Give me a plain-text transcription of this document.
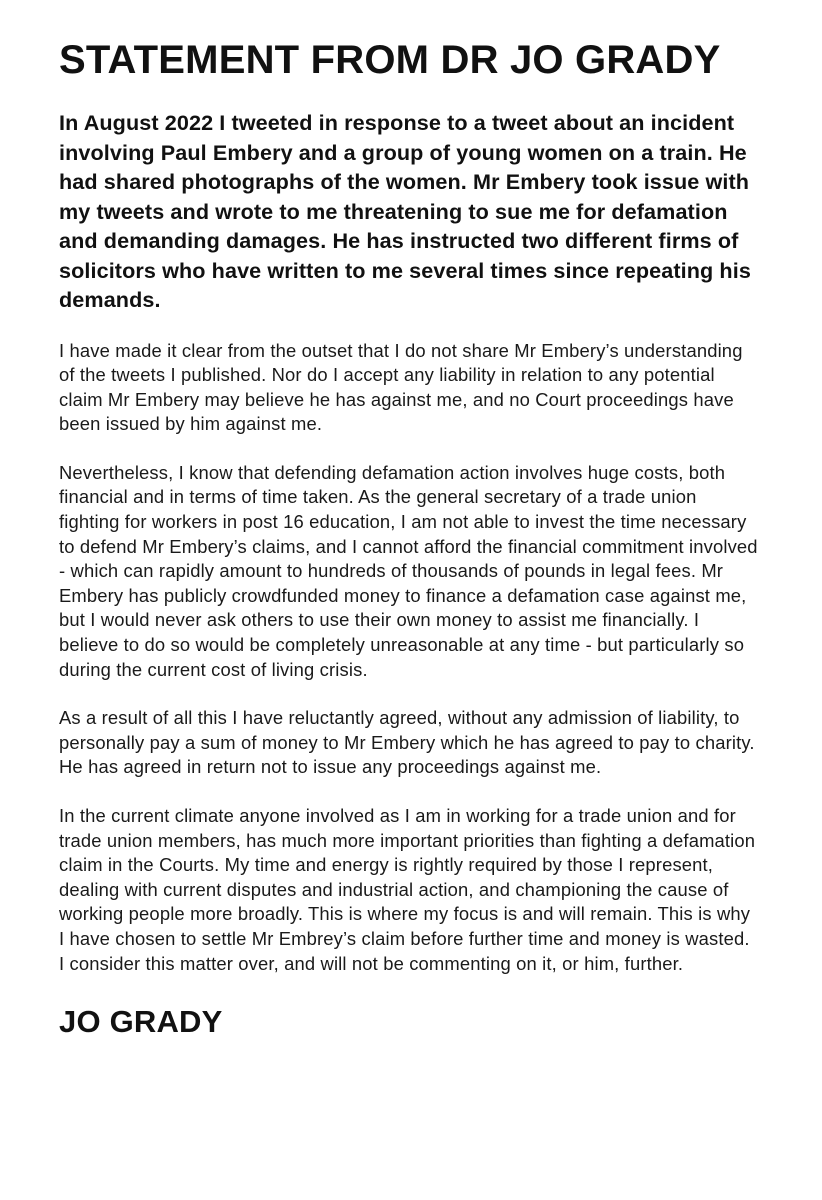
STATEMENT FROM DR JO GRADY

In August 2022 I tweeted in response to a tweet about an incident involving Paul Embery and a group of young women on a train. He had shared photographs of the women. Mr Embery took issue with my tweets and wrote to me threatening to sue me for defamation and demanding damages. He has instructed two different firms of solicitors who have written to me several times since repeating his demands.

I have made it clear from the outset that I do not share Mr Embery’s understanding of the tweets I published. Nor do I accept any liability in relation to any potential claim Mr Embery may believe he has against me, and no Court proceedings have been issued by him against me.

Nevertheless, I know that defending defamation action involves huge costs, both financial and in terms of time taken. As the general secretary of a trade union fighting for workers in post 16 education, I am not able to invest the time necessary to defend Mr Embery’s claims, and I cannot afford the financial commitment involved - which can rapidly amount to hundreds of thousands of pounds in legal fees. Mr Embery has publicly crowdfunded money to finance a defamation case against me, but I would never ask others to use their own money to assist me financially. I believe to do so would be completely unreasonable at any time - but particularly so during the current cost of living crisis.

As a result of all this I have reluctantly agreed, without any admission of liability, to personally pay a sum of money to Mr Embery which he has agreed to pay to charity. He has agreed in return not to issue any proceedings against me.

In the current climate anyone involved as I am in working for a trade union and for trade union members, has much more important priorities than fighting a defamation claim in the Courts. My time and energy is rightly required by those I represent, dealing with current disputes and industrial action, and championing the cause of working people more broadly. This is where my focus is and will remain. This is why I have chosen to settle Mr Embrey’s claim before further time and money is wasted. I consider this matter over, and will not be commenting on it, or him, further.

JO GRADY
